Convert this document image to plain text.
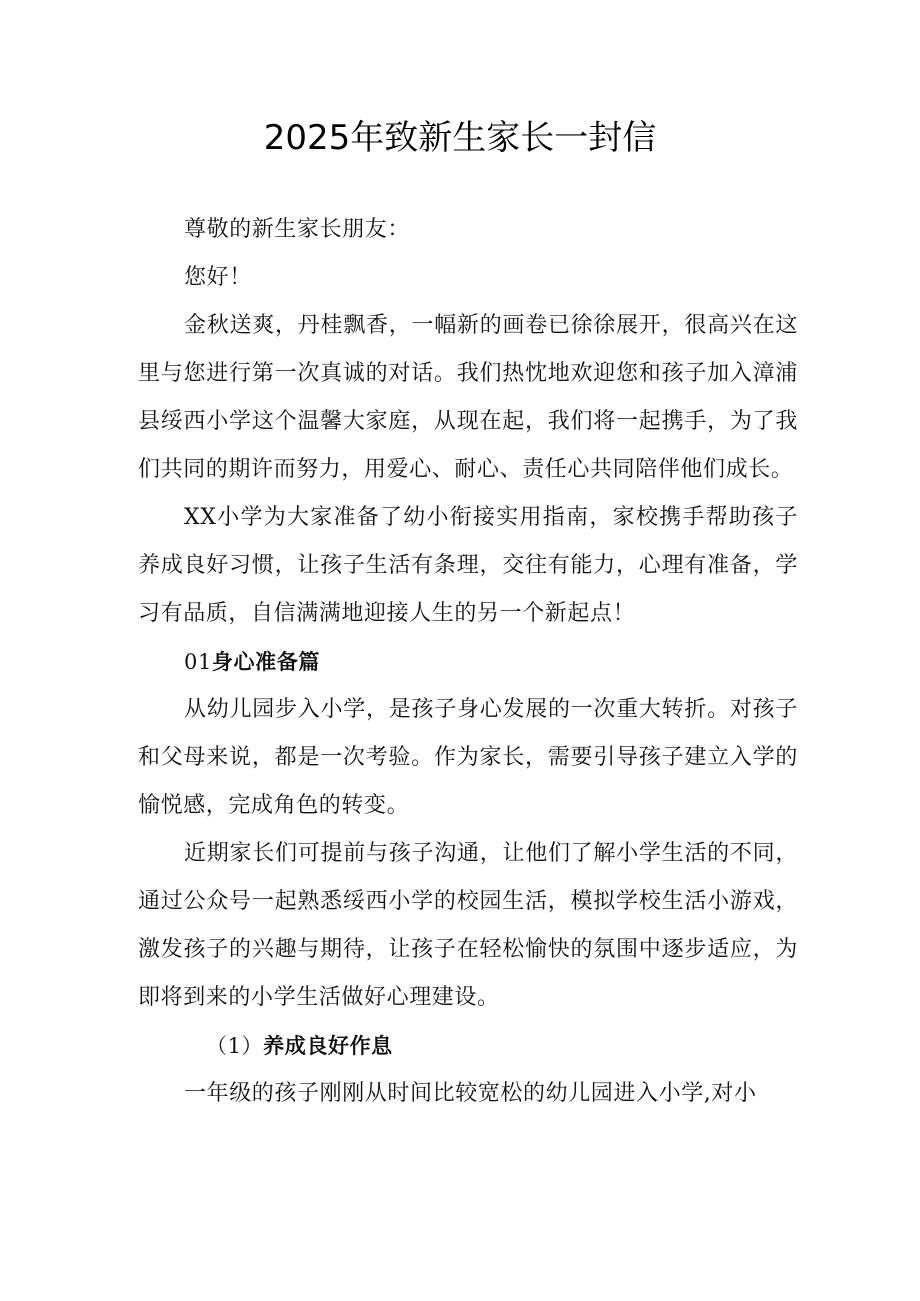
2025年致新生家长一封信

尊敬的新生家长朋友：

您好！

金秋送爽，丹桂飘香，一幅新的画卷已徐徐展开，很高兴在这里与您进行第一次真诚的对话。我们热忱地欢迎您和孩子加入漳浦县绥西小学这个温馨大家庭，从现在起，我们将一起携手，为了我们共同的期许而努力，用爱心、耐心、责任心共同陪伴他们成长。

XX小学为大家准备了幼小衔接实用指南，家校携手帮助孩子养成良好习惯，让孩子生活有条理，交往有能力，心理有准备，学习有品质，自信满满地迎接人生的另一个新起点！

01身心准备篇

从幼儿园步入小学，是孩子身心发展的一次重大转折。对孩子和父母来说，都是一次考验。作为家长，需要引导孩子建立入学的愉悦感，完成角色的转变。

近期家长们可提前与孩子沟通，让他们了解小学生活的不同，通过公众号一起熟悉绥西小学的校园生活，模拟学校生活小游戏，激发孩子的兴趣与期待，让孩子在轻松愉快的氛围中逐步适应，为即将到来的小学生活做好心理建设。

（1）养成良好作息

一年级的孩子刚刚从时间比较宽松的幼儿园进入小学,对小
